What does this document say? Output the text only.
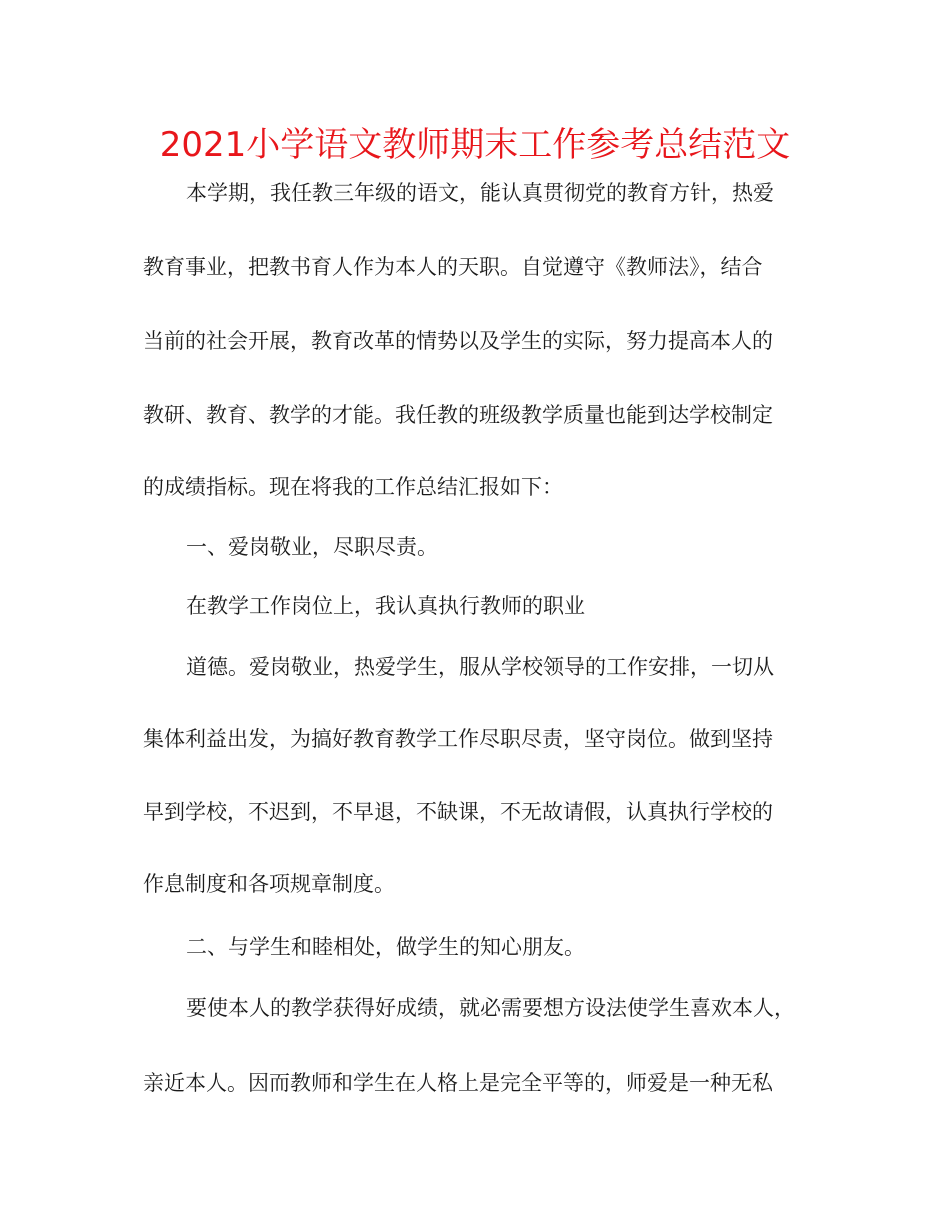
2021小学语文教师期末工作参考总结范文

本学期，我任教三年级的语文，能认真贯彻党的教育方针，热爱

教育事业，把教书育人作为本人的天职。自觉遵守《教师法》，结合

当前的社会开展，教育改革的情势以及学生的实际，努力提高本人的

教研、教育、教学的才能。我任教的班级教学质量也能到达学校制定

的成绩指标。现在将我的工作总结汇报如下：

一、爱岗敬业，尽职尽责。

在教学工作岗位上，我认真执行教师的职业

道德。爱岗敬业，热爱学生，服从学校领导的工作安排，一切从

集体利益出发，为搞好教育教学工作尽职尽责，坚守岗位。做到坚持

早到学校，不迟到，不早退，不缺课，不无故请假，认真执行学校的

作息制度和各项规章制度。

二、与学生和睦相处，做学生的知心朋友。

要使本人的教学获得好成绩，就必需要想方设法使学生喜欢本人，

亲近本人。因而教师和学生在人格上是完全平等的，师爱是一种无私
